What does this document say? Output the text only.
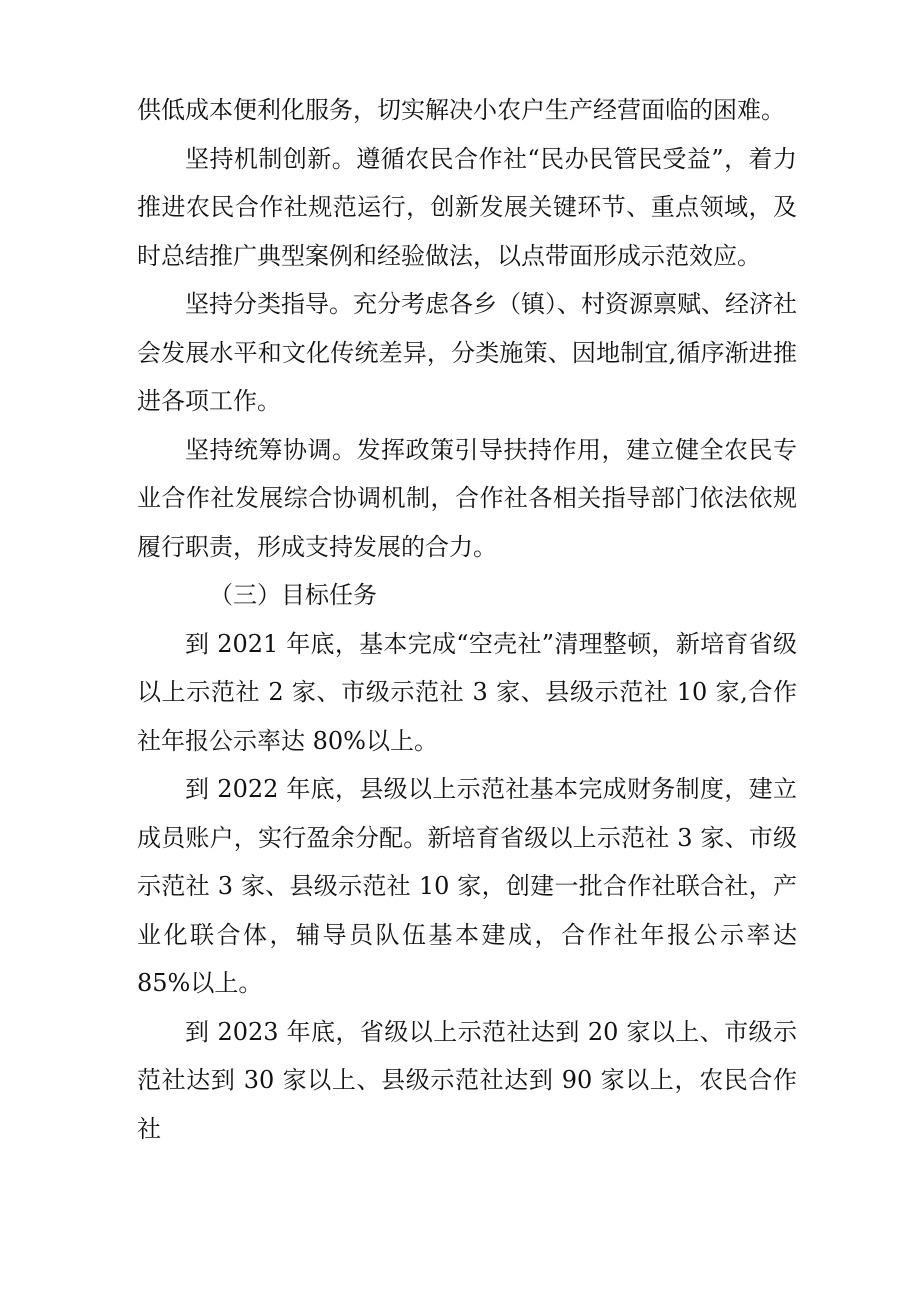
供低成本便利化服务，切实解决小农户生产经营面临的困难。

坚持机制创新。遵循农民合作社“民办民管民受益”，着力推进农民合作社规范运行，创新发展关键环节、重点领域，及时总结推广典型案例和经验做法，以点带面形成示范效应。

坚持分类指导。充分考虑各乡（镇）、村资源禀赋、经济社会发展水平和文化传统差异，分类施策、因地制宜,循序渐进推进各项工作。

坚持统筹协调。发挥政策引导扶持作用，建立健全农民专业合作社发展综合协调机制，合作社各相关指导部门依法依规履行职责，形成支持发展的合力。

（三）目标任务

到 2021 年底，基本完成“空壳社”清理整顿，新培育省级以上示范社 2 家、市级示范社 3 家、县级示范社 10 家,合作社年报公示率达 80%以上。

到 2022 年底，县级以上示范社基本完成财务制度，建立成员账户，实行盈余分配。新培育省级以上示范社 3 家、市级示范社 3 家、县级示范社 10 家，创建一批合作社联合社，产业化联合体，辅导员队伍基本建成，合作社年报公示率达 85%以上。

到 2023 年底，省级以上示范社达到 20 家以上、市级示范社达到 30 家以上、县级示范社达到 90 家以上，农民合作社
